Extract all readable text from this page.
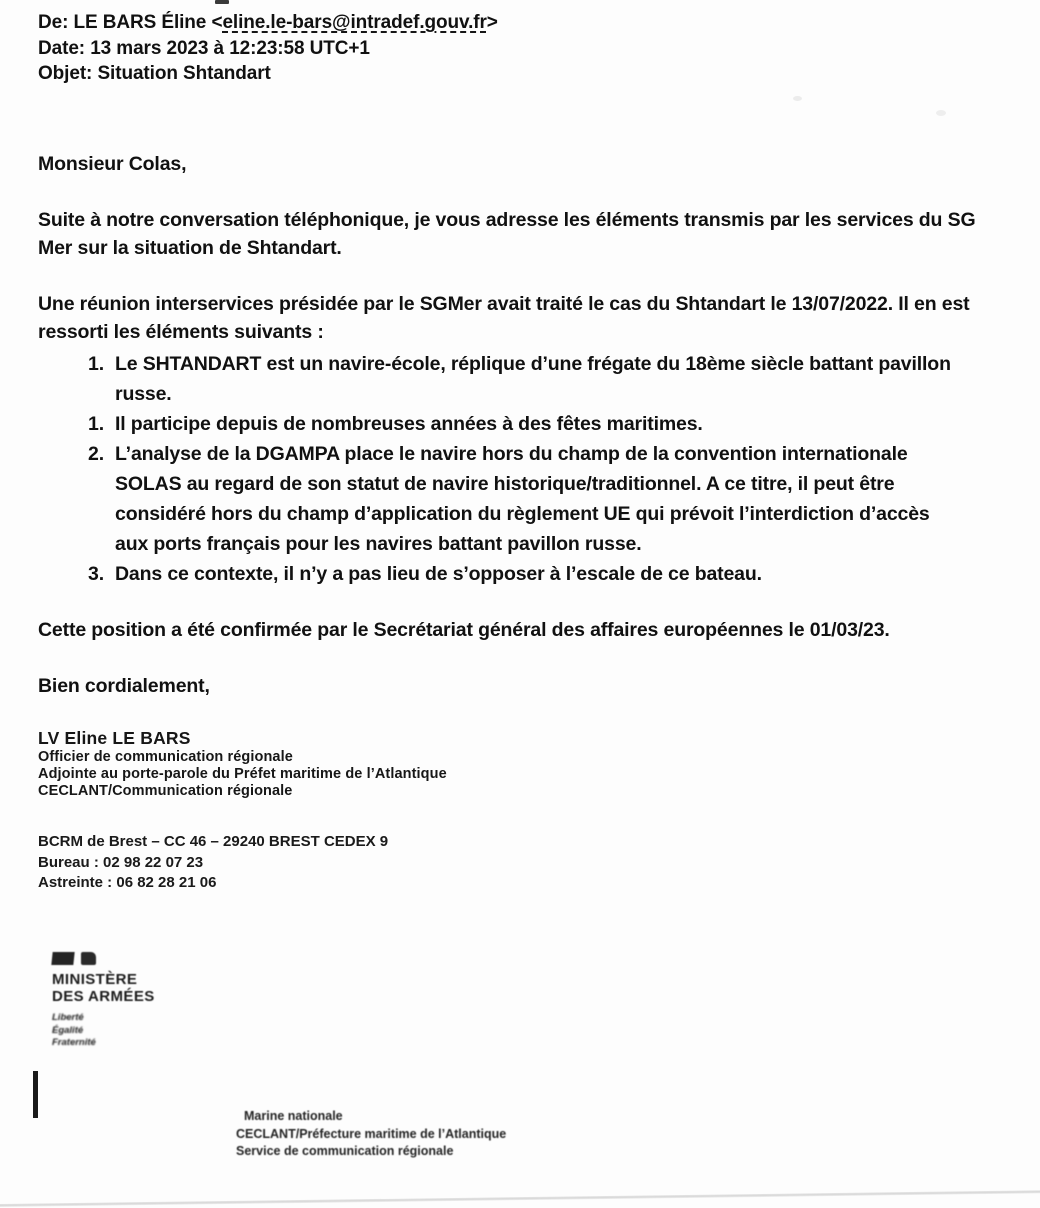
De: LE BARS Éline <eline.le-bars@intradef.gouv.fr>
Date: 13 mars 2023 à 12:23:58 UTC+1
Objet: Situation Shtandart

Monsieur Colas,

Suite à notre conversation téléphonique, je vous adresse les éléments transmis par les services du SG Mer sur la situation de Shtandart.

Une réunion interservices présidée par le SGMer avait traité le cas du Shtandart le 13/07/2022. Il en est ressorti les éléments suivants :

1. Le SHTANDART est un navire-école, réplique d’une frégate du 18ème siècle battant pavillon russe.
1. Il participe depuis de nombreuses années à des fêtes maritimes.
2. L’analyse de la DGAMPA place le navire hors du champ de la convention internationale SOLAS au regard de son statut de navire historique/traditionnel. A ce titre, il peut être considéré hors du champ d’application du règlement UE qui prévoit l’interdiction d’accès aux ports français pour les navires battant pavillon russe.
3. Dans ce contexte, il n’y a pas lieu de s’opposer à l’escale de ce bateau.

Cette position a été confirmée par le Secrétariat général des affaires européennes le 01/03/23.

Bien cordialement,

LV Eline LE BARS
Officier de communication régionale
Adjointe au porte-parole du Préfet maritime de l’Atlantique
CECLANT/Communication régionale
BCRM de Brest – CC 46 – 29240 BREST CEDEX 9
Bureau : 02 98 22 07 23
Astreinte : 06 82 28 21 06
MINISTÈRE
DES ARMÉES
Liberté
Égalité
Fraternité
Marine nationale
CECLANT/Préfecture maritime de l’Atlantique
Service de communication régionale
